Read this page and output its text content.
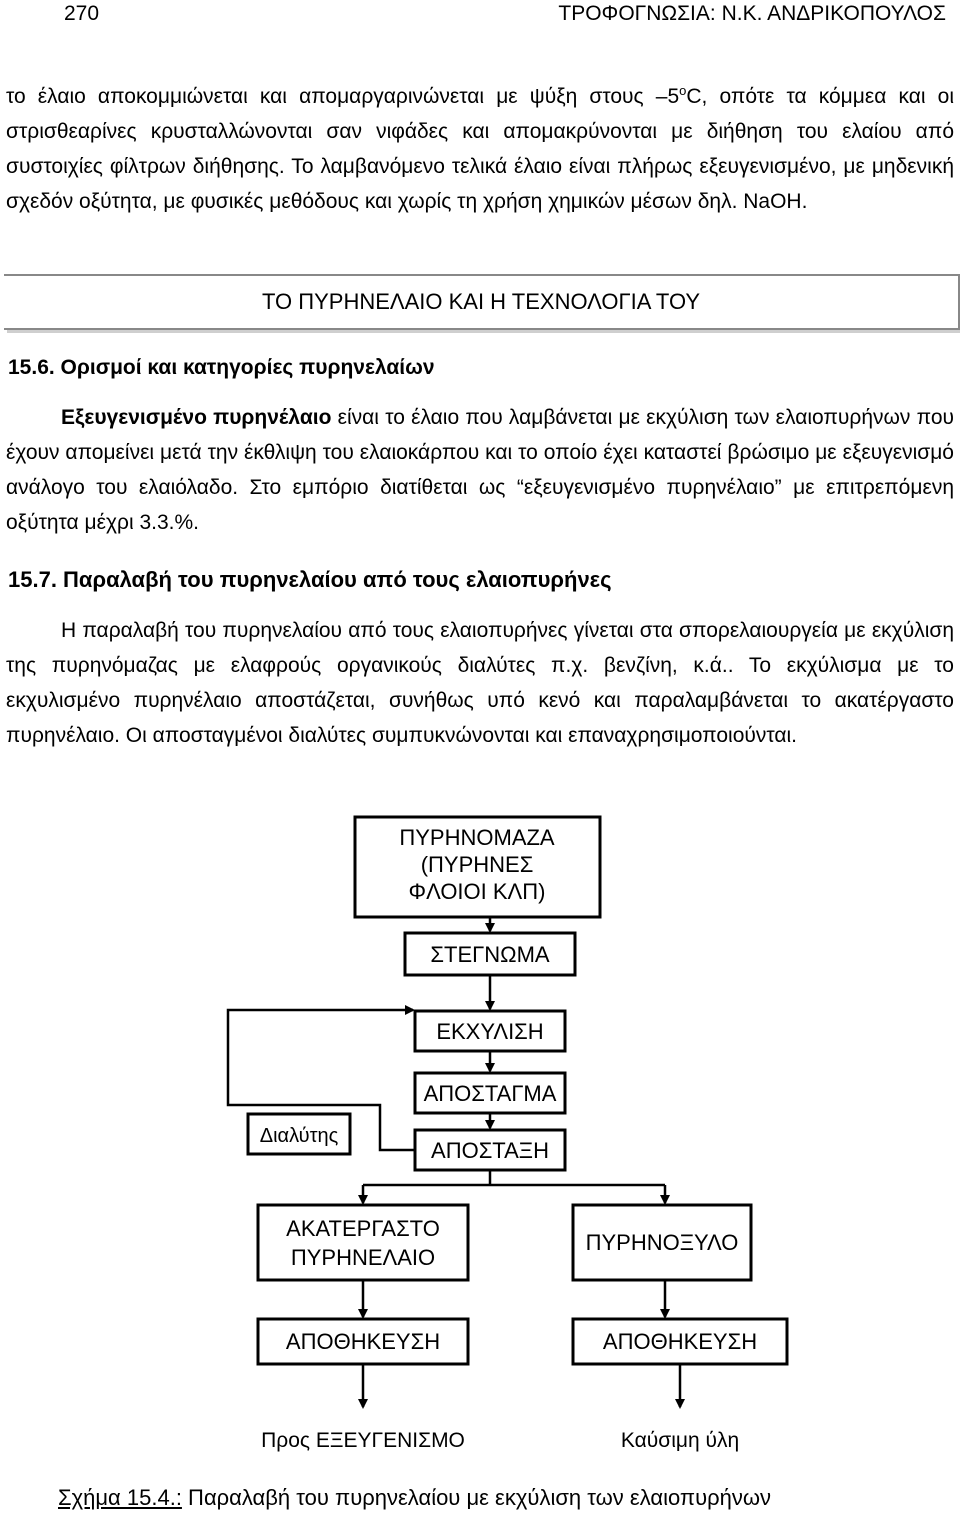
270	ΤΡΟΦΟΓΝΩΣΙΑ: Ν.Κ. ΑΝΔΡΙΚΟΠΟΥΛΟΣ
το έλαιο αποκομμιώνεται και απομαργαρινώνεται με ψύξη στους –5$^o$C, οπότε τα κόμμεα και οι στρισθεαρίνες κρυσταλλώνονται σαν νιφάδες και απομακρύνονται με διήθηση του ελαίου από συστοιχίες φίλτρων διήθησης. Το λαμβανόμενο τελικά έλαιο είναι πλήρως εξευγενισμένο, με μηδενική σχεδόν οξύτητα, με φυσικές μεθόδους και χωρίς τη χρήση χημικών μέσων δηλ. NaOH.
ΤΟ ΠΥΡΗΝΕΛΑΙΟ ΚΑΙ Η ΤΕΧΝΟΛΟΓΙΑ ΤΟΥ
15.6. Ορισμοί και κατηγορίες πυρηνελαίων
Εξευγενισμένο πυρηνέλαιο είναι το έλαιο που λαμβάνεται με εκχύλιση των ελαιοπυρήνων που έχουν απομείνει μετά την έκθλιψη του ελαιοκάρπου και το οποίο έχει καταστεί βρώσιμο με εξευγενισμό ανάλογο του ελαιόλαδο. Στο εμπόριο διατίθεται ως “εξευγενισμένο πυρηνέλαιο” με επιτρεπόμενη οξύτητα μέχρι 3.3.%.
15.7. Παραλαβή του πυρηνελαίου από τους ελαιοπυρήνες
Η παραλαβή του πυρηνελαίου από τους ελαιοπυρήνες γίνεται στα σπορελαιουργεία με εκχύλιση της πυρηνόμαζας με ελαφρούς οργανικούς διαλύτες π.χ. βενζίνη, κ.ά.. Το εκχύλισμα με το εκχυλισμένο πυρηνέλαιο αποστάζεται, συνήθως υπό κενό και παραλαμβάνεται το ακατέργαστο πυρηνέλαιο. Οι αποσταγμένοι διαλύτες συμπυκνώνονται και επαναχρησιμοποιούνται.
ΠΥΡΗΝΟΜΑΖΑ
(ΠΥΡΗΝΕΣ
ΦΛΟΙΟΙ ΚΛΠ)
ΣΤΕΓΝΩΜΑ
ΕΚΧΥΛΙΣΗ
ΑΠΟΣΤΑΓΜΑ
ΑΠΟΣΤΑΞΗ
Διαλύτης
ΑΚΑΤΕΡΓΑΣΤΟ
ΠΥΡΗΝΕΛΑΙΟ
ΠΥΡΗΝΟΞΥΛΟ
ΑΠΟΘΗΚΕΥΣΗ	ΑΠΟΘΗΚΕΥΣΗ
Προς ΕΞΕΥΓΕΝΙΣΜΟ	Καύσιμη ύλη
Σχήμα 15.4.: Παραλαβή του πυρηνελαίου με εκχύλιση των ελαιοπυρήνων
